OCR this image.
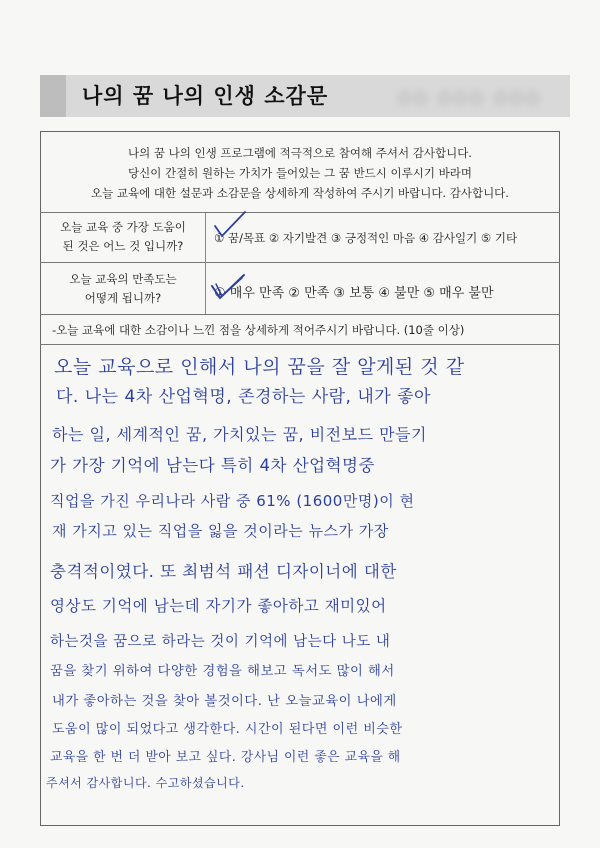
나의 꿈 나의 인생 소감문	○○ ○○○ ○○○
나의 꿈 나의 인생 프로그램에 적극적으로 참여해 주셔서 감사합니다.
당신이 간절히 원하는 가치가 들어있는 그 꿈 반드시 이루시기 바라며
오늘 교육에 대한 설문과 소감문을 상세하게 작성하여 주시기 바랍니다. 감사합니다.
오늘 교육 중 가장 도움이
된 것은 어느 것 입니까?
① 꿈/목표 ② 자기발견 ③ 긍정적인 마음 ④ 감사일기 ⑤ 기타
오늘 교육의 만족도는
어떻게 됩니까?	① 매우 만족 ② 만족 ③ 보통 ④ 불만 ⑤ 매우 불만
-오늘 교육에 대한 소감이나 느낀 점을 상세하게 적어주시기 바랍니다. (10줄 이상)
오늘 교육으로 인해서 나의 꿈을 잘 알게된 것 같
다. 나는 4차 산업혁명, 존경하는 사람, 내가 좋아
하는 일, 세계적인 꿈, 가치있는 꿈, 비전보드 만들기
가 가장 기억에 남는다 특히 4차 산업혁명중
직업을 가진 우리나라 사람 중 61% (1600만명)이 현
재 가지고 있는 직업을 잃을 것이라는 뉴스가 가장
충격적이였다. 또 최범석 패션 디자이너에 대한
영상도 기억에 남는데 자기가 좋아하고 재미있어
하는것을 꿈으로 하라는 것이 기억에 남는다 나도 내
꿈을 찾기 위하여 다양한 경험을 해보고 독서도 많이 해서
내가 좋아하는 것을 찾아 볼것이다. 난 오늘교육이 나에게
도움이 많이 되었다고 생각한다. 시간이 된다면 이런 비슷한
교육을 한 번 더 받아 보고 싶다. 강사님 이런 좋은 교육을 해
주셔서 감사합니다. 수고하셨습니다.
